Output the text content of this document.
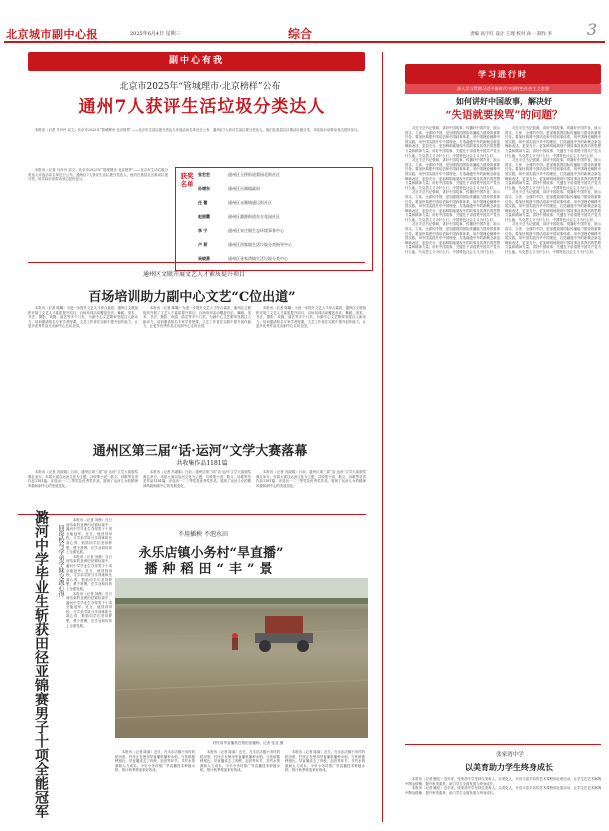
北京城市副中心报	2025年6月4日 星期三	综合	责编 高宇红 设计 王理 校对 孙一 制作 李	3
副中心有我
北京市2025年“管城理市·北京榜样”公布
通州7人获评生活垃圾分类达人

本报讯（记者 马丹丹 祁文）北京市2025年“管城理市·北京榜样”——北京市生活垃圾分类达人评选活动名单近日公布，通州区7人获评生活垃圾分类达人。他们在基层社区推动垃圾分类，用实际行动带动身边居民参与。

本报讯（记者 马丹丹 祁文）北京市2025年“管城理市·北京榜样”——北京市生活垃圾分类达人评选活动名单近日公布，通州区7人获评生活垃圾分类达人。他们在基层社区推动垃圾分类，用实际行动带动身边居民参与。

张宏宏	通州区玉桥街道梨园北街社区
孙增东	通州区台湖镇政府
任 蕾	通州区永顺镇通运街社区
赵丽霞	通州区潞源街道东方花园社区
李 宁	通州区宋庄镇生态环境事务中心
卢 莉	通州区西集镇生活垃圾分类指导中心
吴晓燕	通州区张家湾镇生活垃圾分类中心
获奖名单
通州区文联开展文艺人才素质提升项目
百场培训助力副中心文艺“C位出道”

本报讯（记者 陈曦）为进一步提升文艺人才综合素质，通州区文联组织开展了文艺人才素质提升项目，百场培训活动覆盖音乐、舞蹈、美术、书法、摄影、戏剧、曲艺等多个门类，为副中心文艺繁荣发展注入新动力。培训邀请知名专家学者授课，文艺工作者在实践中提升创作能力，让更多优秀作品走出副中心走向全国。

本报讯（记者 陈曦）为进一步提升文艺人才综合素质，通州区文联组织开展了文艺人才素质提升项目，百场培训活动覆盖音乐、舞蹈、美术、书法、摄影、戏剧、曲艺等多个门类，为副中心文艺繁荣发展注入新动力。培训邀请知名专家学者授课，文艺工作者在实践中提升创作能力，让更多优秀作品走出副中心走向全国。

本报讯（记者 陈曦）为进一步提升文艺人才综合素质，通州区文联组织开展了文艺人才素质提升项目，百场培训活动覆盖音乐、舞蹈、美术、书法、摄影、戏剧、曲艺等多个门类，为副中心文艺繁荣发展注入新动力。培训邀请知名专家学者授课，文艺工作者在实践中提升创作能力，让更多优秀作品走出副中心走向全国。

通州区第三届“话·运河”文学大赛落幕
共收集作品1181篇

本报讯（记者 冯淑娟）日前，通州区第三届“话·运河”文学大赛颁奖典礼举行。本届大赛以运河文化为主题，共收集小说、散文、诗歌等各类作品1181篇，评选出一二三等奖及优秀奖作品，展现了运河儿女的精神风貌和副中心的发展变化。

本报讯（记者 冯淑娟）日前，通州区第三届“话·运河”文学大赛颁奖典礼举行。本届大赛以运河文化为主题，共收集小说、散文、诗歌等各类作品1181篇，评选出一二三等奖及优秀奖作品，展现了运河儿女的精神风貌和副中心的发展变化。

本报讯（记者 冯淑娟）日前，通州区第三届“话·运河”文学大赛颁奖典礼举行。本届大赛以运河文化为主题，共收集小说、散文、诗歌等各类作品1181篇，评选出一二三等奖及优秀奖作品，展现了运河儿女的精神风貌和副中心的发展变化。

潞河中学毕业生斩获田径亚锦赛男子十项全能冠军	回母校与学弟学妹交流心得

本报讯（记者 刘薇）在日前结束的亚洲田径锦标赛中，潞河中学毕业生夺得男子十项全能冠军。近日，他回到母校，与学弟学妹分享训练和比赛心得，鼓励同学们坚持梦想、勇于拼搏，在学业和体育上全面发展。

本报讯（记者 刘薇）在日前结束的亚洲田径锦标赛中，潞河中学毕业生夺得男子十项全能冠军。近日，他回到母校，与学弟学妹分享训练和比赛心得，鼓励同学们坚持梦想、勇于拼搏，在学业和体育上全面发展。

本报讯（记者 刘薇）在日前结束的亚洲田径锦标赛中，潞河中学毕业生夺得男子十项全能冠军。近日，他回到母校，与学弟学妹分享训练和比赛心得，鼓励同学们坚持梦想、勇于拼搏，在学业和体育上全面发展。

不用插秧 不泡水田
永乐店镇小务村“旱直播”
播种稻田“丰”景
村民用旱直播机在稻田里播种。记者 张亚 摄

本报讯（记者 陈丽）近日，在永乐店镇小务村的稻田里，村民正在使用旱直播机播种水稻。与传统插秧相比，旱直播省去了育秧、泡田等环节，节约水资源和人力成本。今年小务村推广旱直播技术种植水稻，预计秋季将迎来好收成。

本报讯（记者 陈丽）近日，在永乐店镇小务村的稻田里，村民正在使用旱直播机播种水稻。与传统插秧相比，旱直播省去了育秧、泡田等环节，节约水资源和人力成本。今年小务村推广旱直播技术种植水稻，预计秋季将迎来好收成。

本报讯（记者 陈丽）近日，在永乐店镇小务村的稻田里，村民正在使用旱直播机播种水稻。与传统插秧相比，旱直播省去了育秧、泡田等环节，节约水资源和人力成本。今年小务村推广旱直播技术种植水稻，预计秋季将迎来好收成。

学习进行时
深入学习贯彻习近平新时代中国特色社会主义思想
如何讲好中国故事，解决好
“失语就要挨骂”的问题？

习近平总书记强调，讲好中国故事，传播好中国声音，展示真实、立体、全面的中国，是加强我国国际传播能力建设的重要任务。要加快构建中国话语和中国叙事体系，用中国理论阐释中国实践，用中国实践升华中国理论，打造融通中外的新概念新范畴新表述，更加充分、更加鲜明地展现中国故事及其背后的思想力量和精神力量。讲好中国故事，关键在于讲清楚中国共产党为什么能、马克思主义为什么行、中国特色社会主义为什么好。

习近平总书记强调，讲好中国故事，传播好中国声音，展示真实、立体、全面的中国，是加强我国国际传播能力建设的重要任务。要加快构建中国话语和中国叙事体系，用中国理论阐释中国实践，用中国实践升华中国理论，打造融通中外的新概念新范畴新表述，更加充分、更加鲜明地展现中国故事及其背后的思想力量和精神力量。讲好中国故事，关键在于讲清楚中国共产党为什么能、马克思主义为什么行、中国特色社会主义为什么好。

习近平总书记强调，讲好中国故事，传播好中国声音，展示真实、立体、全面的中国，是加强我国国际传播能力建设的重要任务。要加快构建中国话语和中国叙事体系，用中国理论阐释中国实践，用中国实践升华中国理论，打造融通中外的新概念新范畴新表述，更加充分、更加鲜明地展现中国故事及其背后的思想力量和精神力量。讲好中国故事，关键在于讲清楚中国共产党为什么能、马克思主义为什么行、中国特色社会主义为什么好。

习近平总书记强调，讲好中国故事，传播好中国声音，展示真实、立体、全面的中国，是加强我国国际传播能力建设的重要任务。要加快构建中国话语和中国叙事体系，用中国理论阐释中国实践，用中国实践升华中国理论，打造融通中外的新概念新范畴新表述，更加充分、更加鲜明地展现中国故事及其背后的思想力量和精神力量。讲好中国故事，关键在于讲清楚中国共产党为什么能、马克思主义为什么行、中国特色社会主义为什么好。

习近平总书记强调，讲好中国故事，传播好中国声音，展示真实、立体、全面的中国，是加强我国国际传播能力建设的重要任务。要加快构建中国话语和中国叙事体系，用中国理论阐释中国实践，用中国实践升华中国理论，打造融通中外的新概念新范畴新表述，更加充分、更加鲜明地展现中国故事及其背后的思想力量和精神力量。讲好中国故事，关键在于讲清楚中国共产党为什么能、马克思主义为什么行、中国特色社会主义为什么好。

习近平总书记强调，讲好中国故事，传播好中国声音，展示真实、立体、全面的中国，是加强我国国际传播能力建设的重要任务。要加快构建中国话语和中国叙事体系，用中国理论阐释中国实践，用中国实践升华中国理论，打造融通中外的新概念新范畴新表述，更加充分、更加鲜明地展现中国故事及其背后的思想力量和精神力量。讲好中国故事，关键在于讲清楚中国共产党为什么能、马克思主义为什么行、中国特色社会主义为什么好。

习近平总书记强调，讲好中国故事，传播好中国声音，展示真实、立体、全面的中国，是加强我国国际传播能力建设的重要任务。要加快构建中国话语和中国叙事体系，用中国理论阐释中国实践，用中国实践升华中国理论，打造融通中外的新概念新范畴新表述，更加充分、更加鲜明地展现中国故事及其背后的思想力量和精神力量。讲好中国故事，关键在于讲清楚中国共产党为什么能、马克思主义为什么行、中国特色社会主义为什么好。

习近平总书记强调，讲好中国故事，传播好中国声音，展示真实、立体、全面的中国，是加强我国国际传播能力建设的重要任务。要加快构建中国话语和中国叙事体系，用中国理论阐释中国实践，用中国实践升华中国理论，打造融通中外的新概念新范畴新表述，更加充分、更加鲜明地展现中国故事及其背后的思想力量和精神力量。讲好中国故事，关键在于讲清楚中国共产党为什么能、马克思主义为什么行、中国特色社会主义为什么好。

张家湾中学
以美育助力学生终身成长

本报讯（记者 鲍佳）近年来，张家湾中学坚持以美育人、以美化人，开设丰富多彩的艺术课程和社团活动，让学生在艺术熏陶中陶冶情操、提升审美素养，助力学生全面发展与终身成长。

本报讯（记者 鲍佳）近年来，张家湾中学坚持以美育人、以美化人，开设丰富多彩的艺术课程和社团活动，让学生在艺术熏陶中陶冶情操、提升审美素养，助力学生全面发展与终身成长。
